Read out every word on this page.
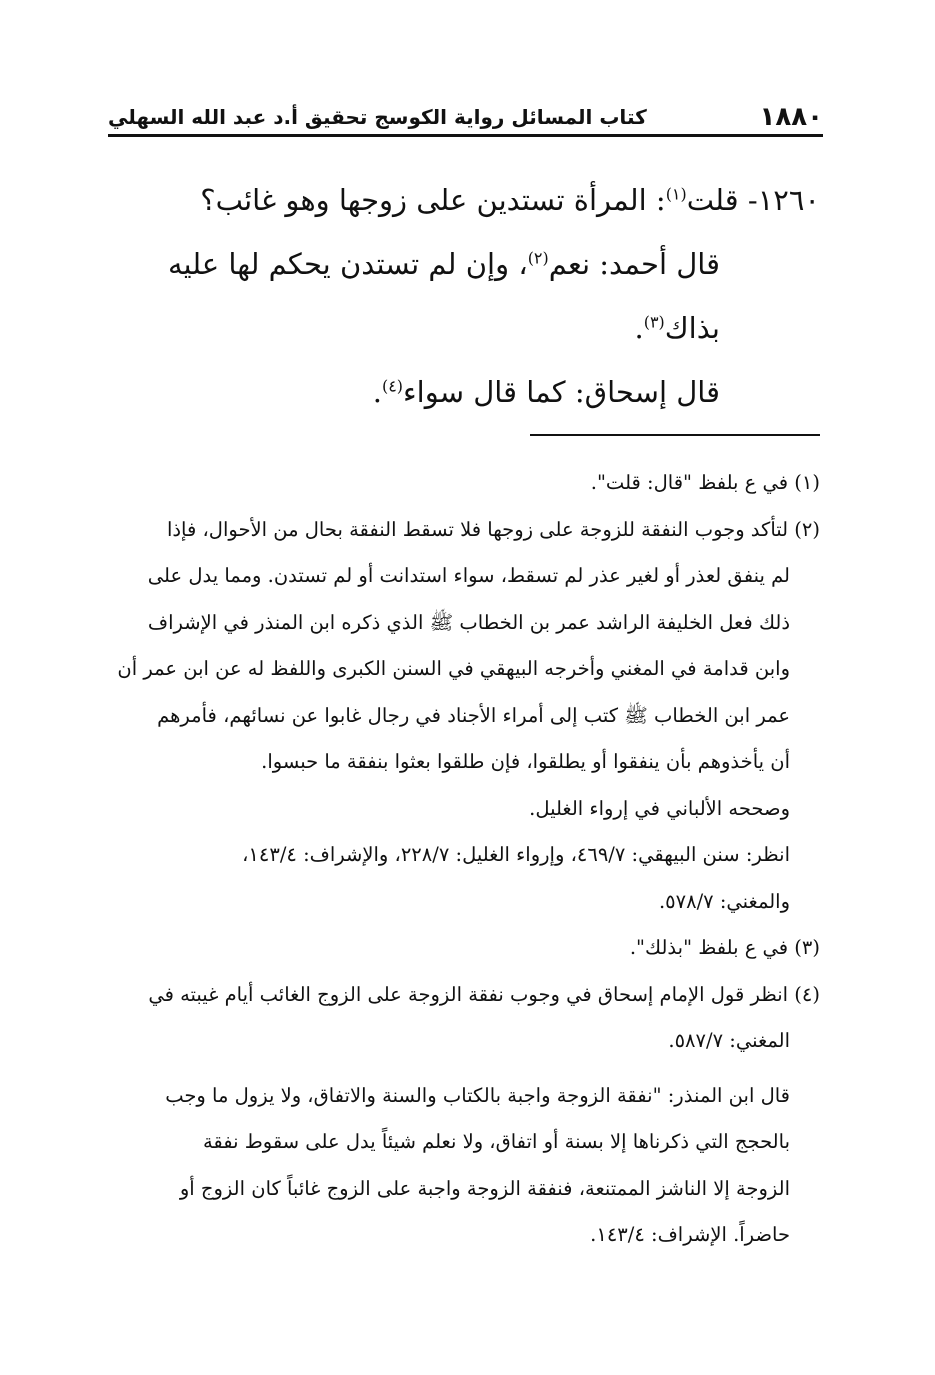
١٨٨٠
كتاب المسائل رواية الكوسج تحقيق أ.د عبد الله السهلي

١٢٦٠- قلت$^{(١)}$: المرأة تستدين على زوجها وهو غائب؟

قال أحمد: نعم$^{(٢)}$، وإن لم تستدن يحكم لها عليه

بذاك$^{(٣)}$.

قال إسحاق: كما قال سواء$^{(٤)}$.

(١) في ع بلفظ "قال: قلت".

(٢) لتأكد وجوب النفقة للزوجة على زوجها فلا تسقط النفقة بحال من الأحوال، فإذا

لم ينفق لعذر أو لغير عذر لم تسقط، سواء استدانت أو لم تستدن. ومما يدل على

ذلك فعل الخليفة الراشد عمر بن الخطاب ﷺ الذي ذكره ابن المنذر في الإشراف

وابن قدامة في المغني وأخرجه البيهقي في السنن الكبرى واللفظ له عن ابن عمر أن

عمر ابن الخطاب ﷺ كتب إلى أمراء الأجناد في رجال غابوا عن نسائهم، فأمرهم

أن يأخذوهم بأن ينفقوا أو يطلقوا، فإن طلقوا بعثوا بنفقة ما حبسوا.

وصححه الألباني في إرواء الغليل.

انظر: سنن البيهقي: ٤٦٩/٧، وإرواء الغليل: ٢٢٨/٧، والإشراف: ١٤٣/٤،

والمغني: ٥٧٨/٧.

(٣) في ع بلفظ "بذلك".

(٤) انظر قول الإمام إسحاق في وجوب نفقة الزوجة على الزوج الغائب أيام غيبته في

المغني: ٥٨٧/٧.

قال ابن المنذر: "نفقة الزوجة واجبة بالكتاب والسنة والاتفاق، ولا يزول ما وجب

بالحجج التي ذكرناها إلا بسنة أو اتفاق، ولا نعلم شيئاً يدل على سقوط نفقة

الزوجة إلا الناشز الممتنعة، فنفقة الزوجة واجبة على الزوج غائباً كان الزوج أو

حاضراً. الإشراف: ١٤٣/٤.
